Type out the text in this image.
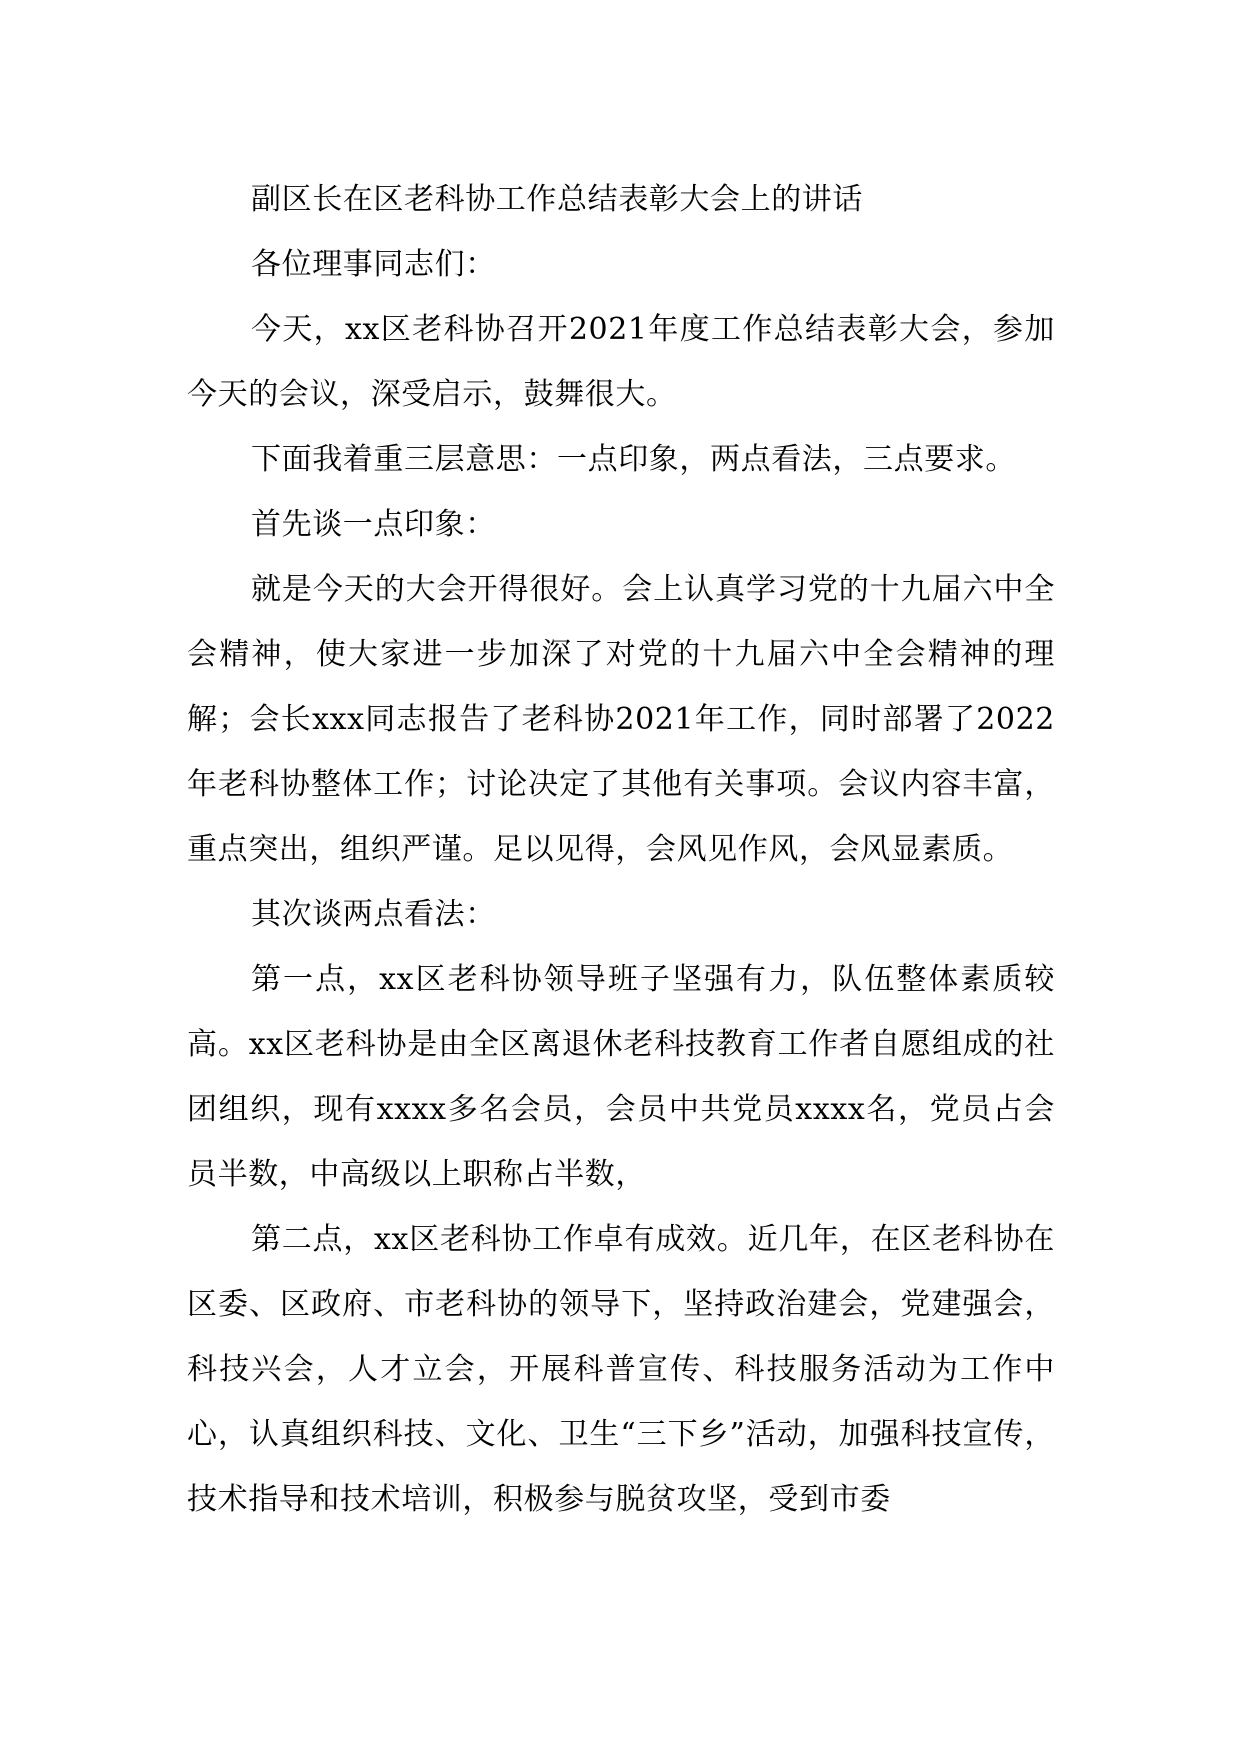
副区长在区老科协工作总结表彰大会上的讲话

各位理事同志们：

今天，xx区老科协召开2021年度工作总结表彰大会，参加今天的会议，深受启示，鼓舞很大。

下面我着重三层意思：一点印象，两点看法，三点要求。

首先谈一点印象：

就是今天的大会开得很好。会上认真学习党的十九届六中全会精神，使大家进一步加深了对党的十九届六中全会精神的理解；会长xxx同志报告了老科协2021年工作，同时部署了2022年老科协整体工作；讨论决定了其他有关事项。会议内容丰富，重点突出，组织严谨。足以见得，会风见作风，会风显素质。

其次谈两点看法：

第一点，xx区老科协领导班子坚强有力，队伍整体素质较高。xx区老科协是由全区离退休老科技教育工作者自愿组成的社团组织，现有xxxx多名会员，会员中共党员xxxx名，党员占会员半数，中高级以上职称占半数，

第二点，xx区老科协工作卓有成效。近几年，在区老科协在区委、区政府、市老科协的领导下，坚持政治建会，党建强会，科技兴会，人才立会，开展科普宣传、科技服务活动为工作中心，认真组织科技、文化、卫生“三下乡”活动，加强科技宣传，技术指导和技术培训，积极参与脱贫攻坚，受到市委
